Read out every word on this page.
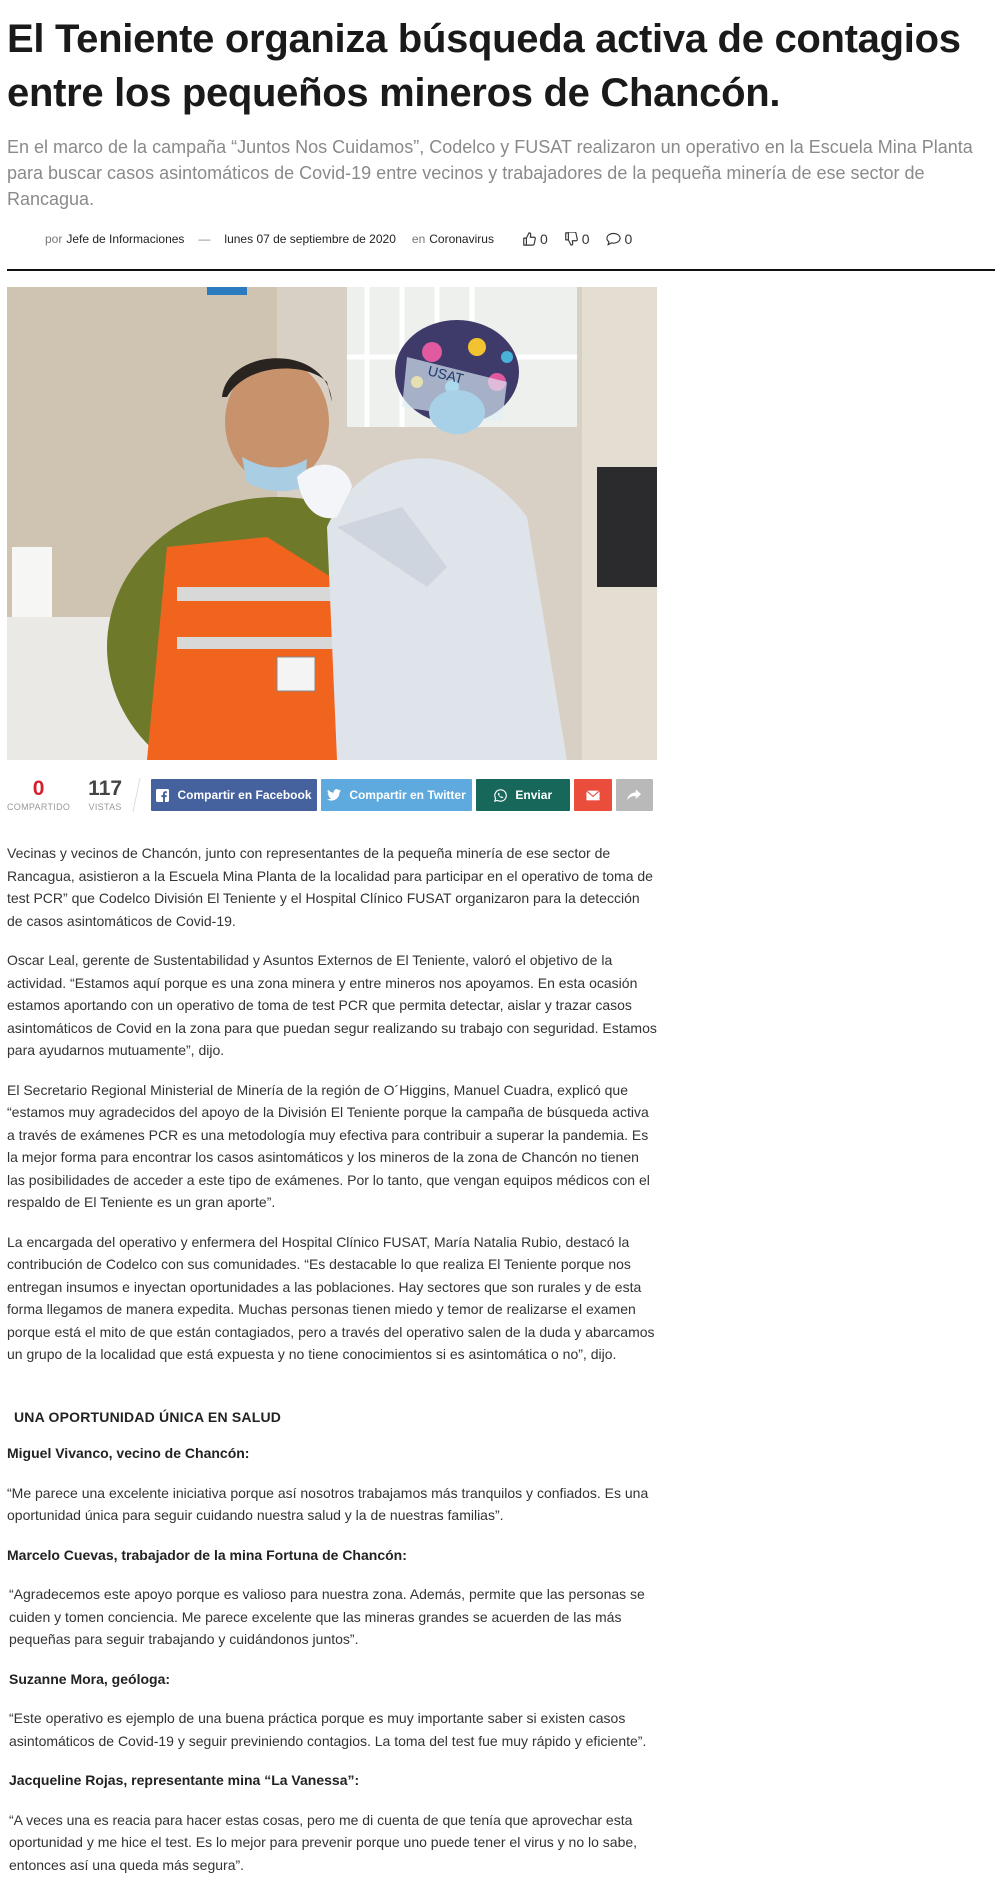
El Teniente organiza búsqueda activa de contagios entre los pequeños mineros de Chancón.

En el marco de la campaña “Juntos Nos Cuidamos”, Codelco y FUSAT realizaron un operativo en la Escuela Mina Planta para buscar casos asintomáticos de Covid-19 entre vecinos y trabajadores de la pequeña minería de ese sector de Rancagua.

por Jefe de Informaciones — lunes 07 de septiembre de 2020 en Coronavirus	0 0	0
USAT
0
COMPARTIDO
117
VISTAS
Compartir en Facebook	Compartir en Twitter	Enviar

Vecinas y vecinos de Chancón, junto con representantes de la pequeña minería de ese sector de Rancagua, asistieron a la Escuela Mina Planta de la localidad para participar en el operativo de toma de test PCR” que Codelco División El Teniente y el Hospital Clínico FUSAT organizaron para la detección de casos asintomáticos de Covid-19.

Oscar Leal, gerente de Sustentabilidad y Asuntos Externos de El Teniente, valoró el objetivo de la actividad. “Estamos aquí porque es una zona minera y entre mineros nos apoyamos. En esta ocasión estamos aportando con un operativo de toma de test PCR que permita detectar, aislar y trazar casos asintomáticos de Covid en la zona para que puedan segur realizando su trabajo con seguridad. Estamos para ayudarnos mutuamente”, dijo.

El Secretario Regional Ministerial de Minería de la región de O´Higgins, Manuel Cuadra, explicó que “estamos muy agradecidos del apoyo de la División El Teniente porque la campaña de búsqueda activa a través de exámenes PCR es una metodología muy efectiva para contribuir a superar la pandemia. Es la mejor forma para encontrar los casos asintomáticos y los mineros de la zona de Chancón no tienen las posibilidades de acceder a este tipo de exámenes. Por lo tanto, que vengan equipos médicos con el respaldo de El Teniente es un gran aporte”.

La encargada del operativo y enfermera del Hospital Clínico FUSAT, María Natalia Rubio, destacó la contribución de Codelco con sus comunidades. “Es destacable lo que realiza El Teniente porque nos entregan insumos e inyectan oportunidades a las poblaciones. Hay sectores que son rurales y de esta forma llegamos de manera expedita. Muchas personas tienen miedo y temor de realizarse el examen porque está el mito de que están contagiados, pero a través del operativo salen de la duda y abarcamos un grupo de la localidad que está expuesta y no tiene conocimientos si es asintomática o no”, dijo.

UNA OPORTUNIDAD ÚNICA EN SALUD

Miguel Vivanco, vecino de Chancón:

“Me parece una excelente iniciativa porque así nosotros trabajamos más tranquilos y confiados. Es una oportunidad única para seguir cuidando nuestra salud y la de nuestras familias”.

Marcelo Cuevas, trabajador de la mina Fortuna de Chancón:

“Agradecemos este apoyo porque es valioso para nuestra zona. Además, permite que las personas se cuiden y tomen conciencia. Me parece excelente que las mineras grandes se acuerden de las más pequeñas para seguir trabajando y cuidándonos juntos”.

Suzanne Mora, geóloga:

“Este operativo es ejemplo de una buena práctica porque es muy importante saber si existen casos asintomáticos de Covid-19 y seguir previniendo contagios. La toma del test fue muy rápido y eficiente”.

Jacqueline Rojas, representante mina “La Vanessa”:

“A veces una es reacia para hacer estas cosas, pero me di cuenta de que tenía que aprovechar esta oportunidad y me hice el test. Es lo mejor para prevenir porque uno puede tener el virus y no lo sabe, entonces así una queda más segura”.
